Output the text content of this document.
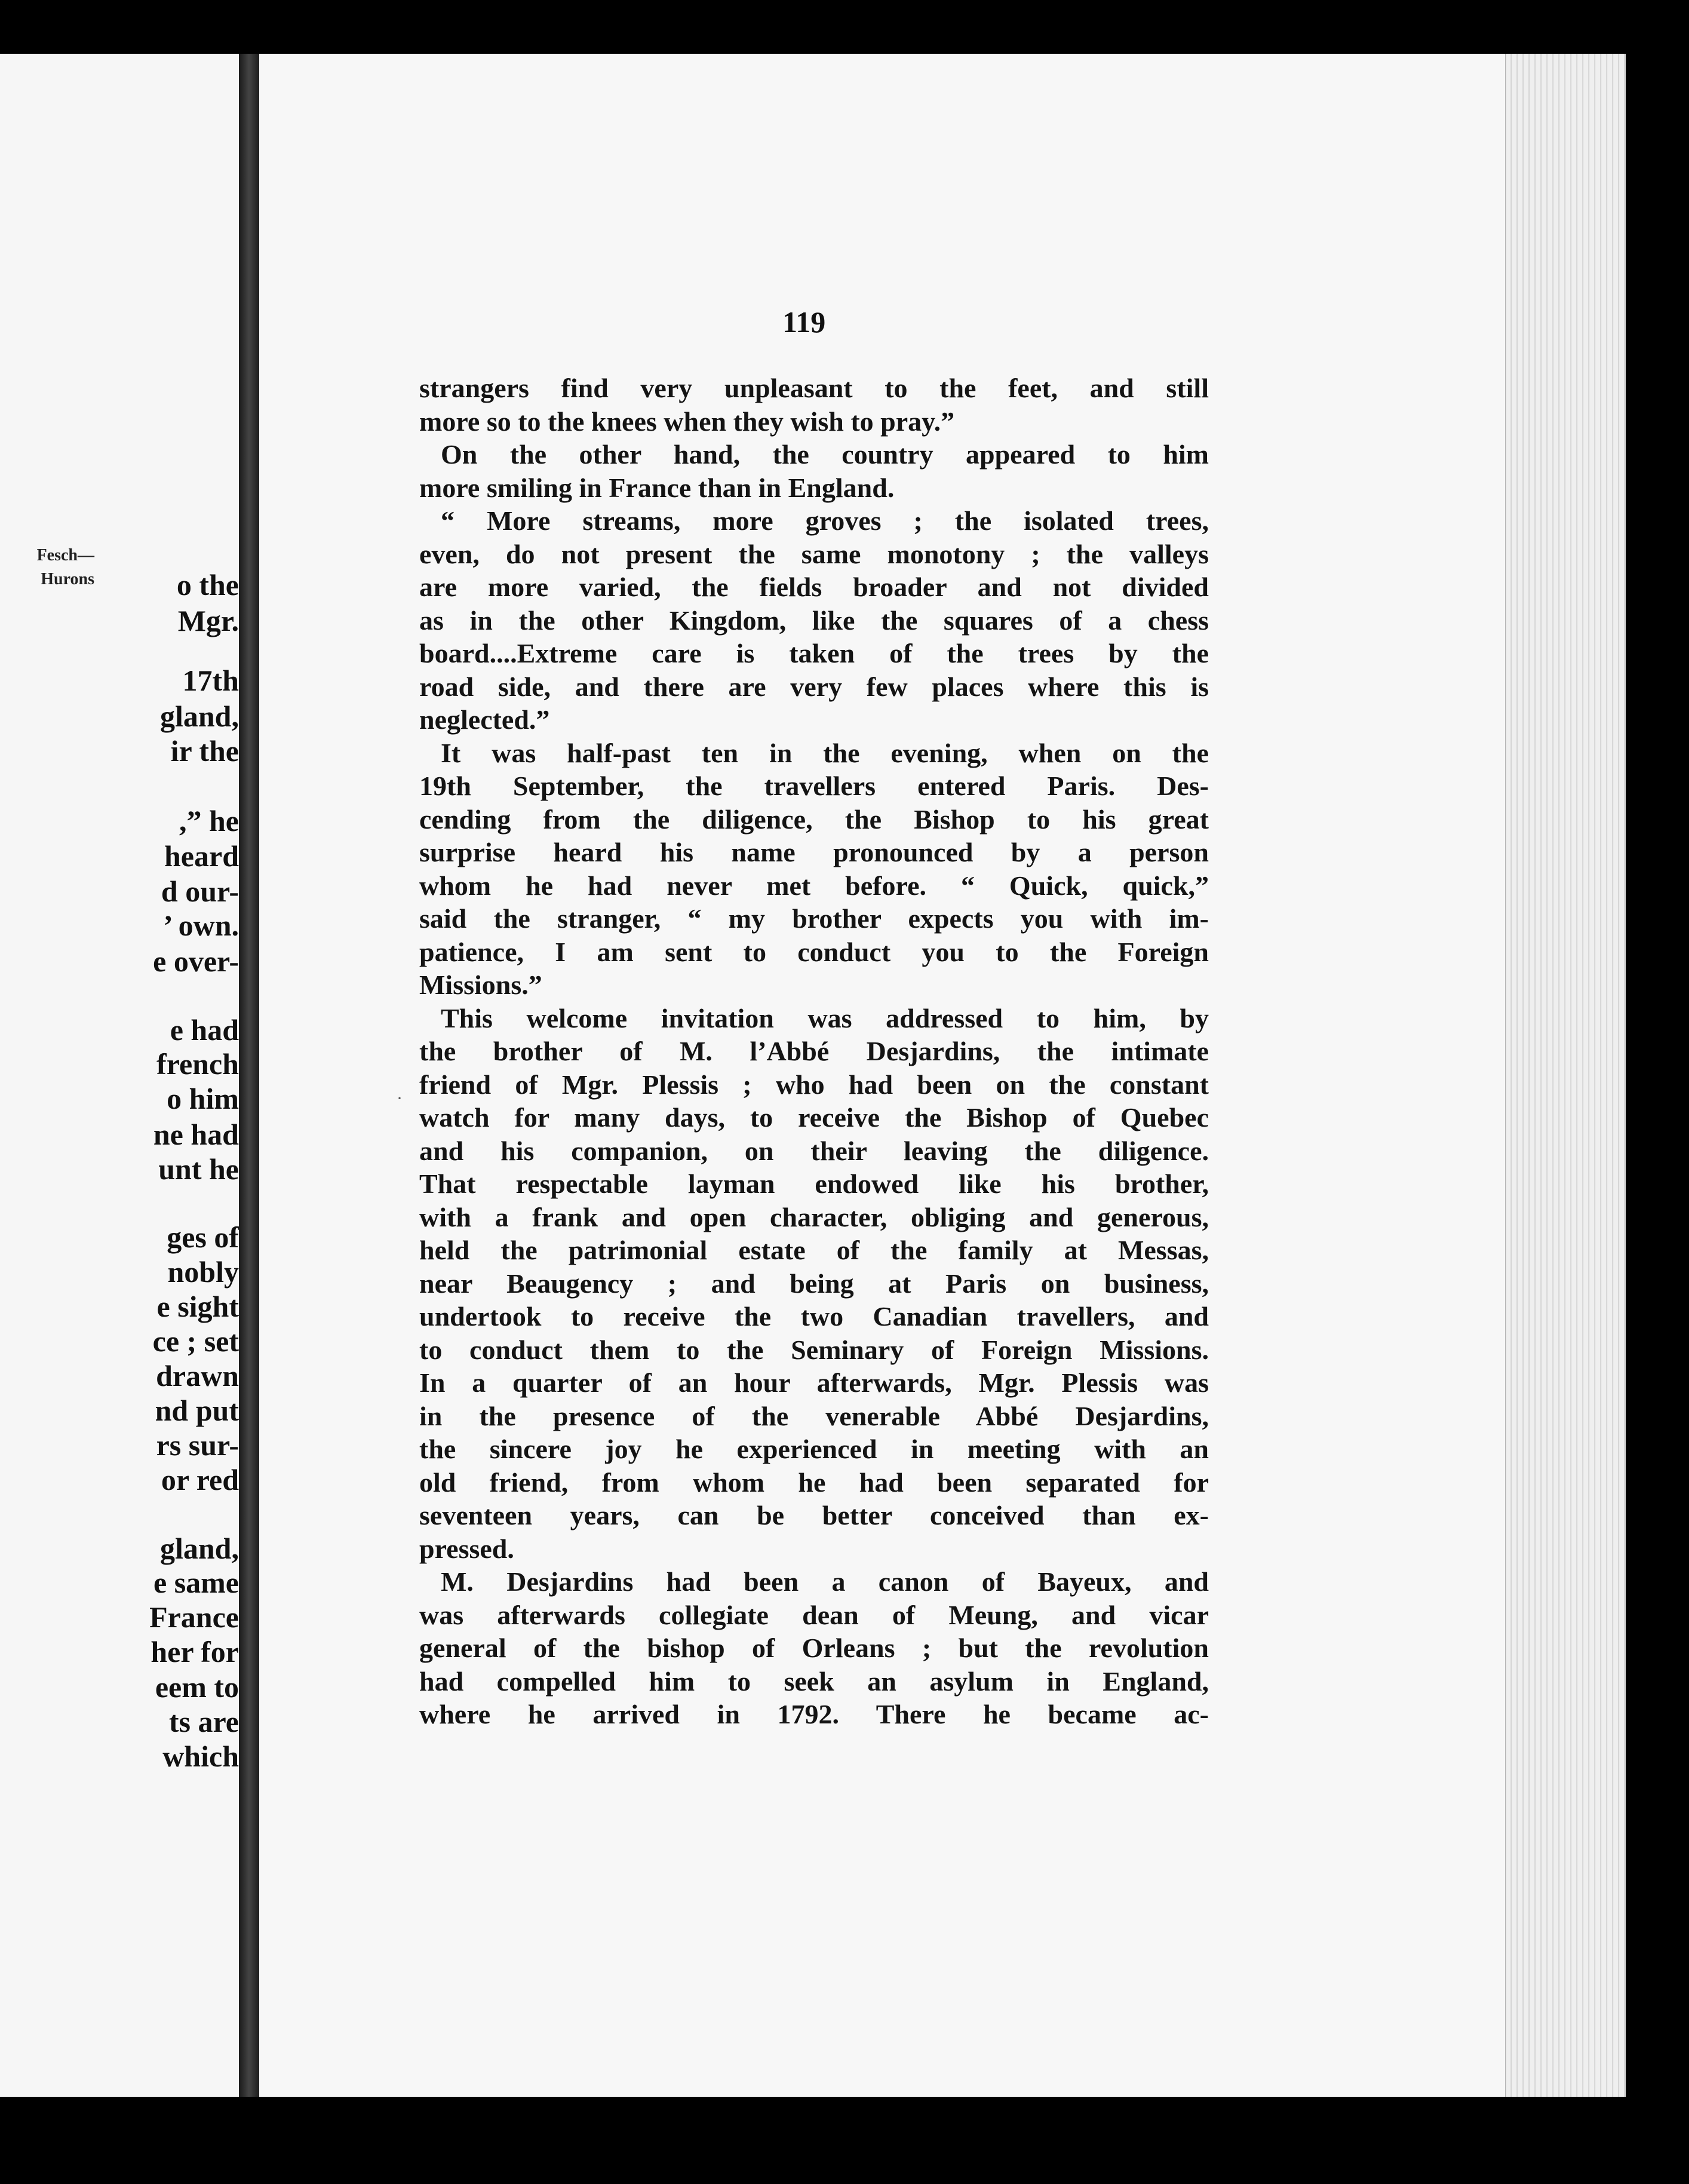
Fesch—
Hurons	o the
Mgr.
17th
gland,
ir the
,” he
heard
d our-
’ own.
e over-
e had
french
o him
ne had
unt he
ges of
nobly
e sight
ce ; set
drawn
nd put
rs sur-
or red
gland,
e same
France
her for
eem to
ts are
which
119
strangers find very unpleasant to the feet, and still
more so to the knees when they wish to pray.”
On the other hand, the country appeared to him
more smiling in France than in England.
“ More streams, more groves ; the isolated trees,
even, do not present the same monotony ; the valleys
are more varied, the fields broader and not divided
as in the other Kingdom, like the squares of a chess
board....Extreme care is taken of the trees by the
road side, and there are very few places where this is
neglected.”
It was half-past ten in the evening, when on the
19th September, the travellers entered Paris. Des-
cending from the diligence, the Bishop to his great
surprise heard his name pronounced by a person
whom he had never met before. “ Quick, quick,”
said the stranger, “ my brother expects you with im-
patience, I am sent to conduct you to the Foreign
Missions.”
This welcome invitation was addressed to him, by
the brother of M. l’Abbé Desjardins, the intimate
friend of Mgr. Plessis ; who had been on the constant
watch for many days, to receive the Bishop of Quebec
and his companion, on their leaving the diligence.
That respectable layman endowed like his brother,
with a frank and open character, obliging and generous,
held the patrimonial estate of the family at Messas,
near Beaugency ; and being at Paris on business,
undertook to receive the two Canadian travellers, and
to conduct them to the Seminary of Foreign Missions.
In a quarter of an hour afterwards, Mgr. Plessis was
in the presence of the venerable Abbé Desjardins,
the sincere joy he experienced in meeting with an
old friend, from whom he had been separated for
seventeen years, can be better conceived than ex-
pressed.
M. Desjardins had been a canon of Bayeux, and
was afterwards collegiate dean of Meung, and vicar
general of the bishop of Orleans ; but the revolution
had compelled him to seek an asylum in England,
where he arrived in 1792. There he became ac-
·
